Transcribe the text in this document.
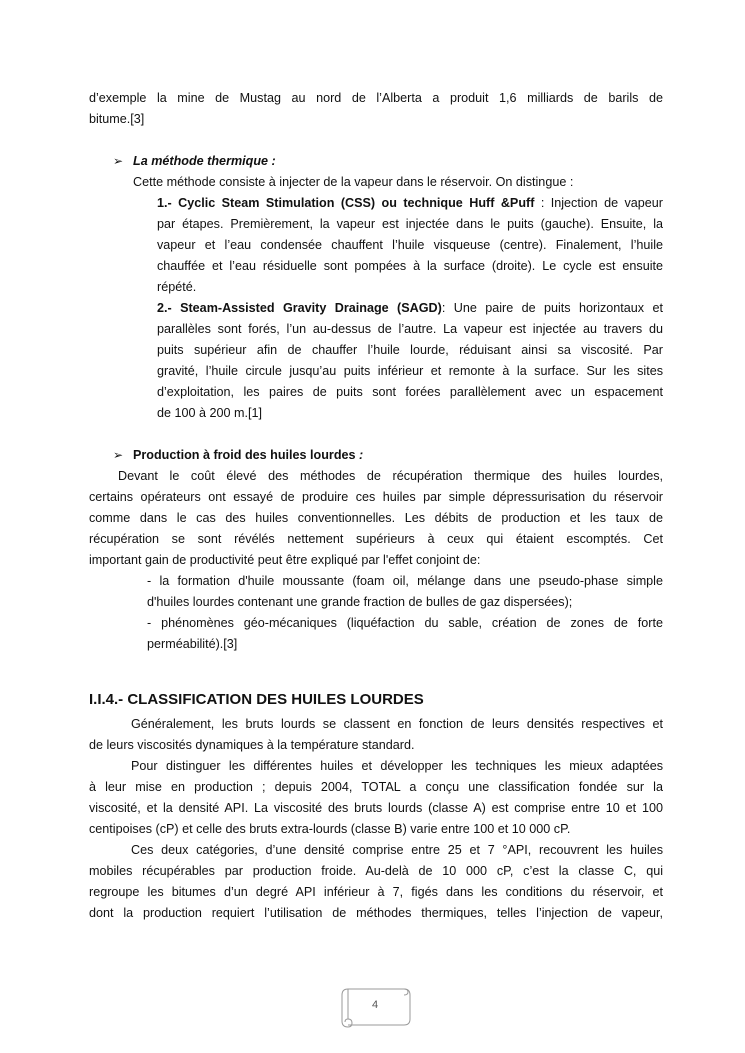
d’exemple la mine de Mustag au nord de l’Alberta a produit 1,6 milliards de barils de
bitume.[3]
➢ La méthode thermique :
Cette méthode consiste à injecter de la vapeur dans le réservoir. On distingue :
1.- Cyclic Steam Stimulation (CSS) ou technique Huff &Puff : Injection de vapeur
par étapes. Premièrement, la vapeur est injectée dans le puits (gauche). Ensuite, la
vapeur et l’eau condensée chauffent l’huile visqueuse (centre). Finalement, l’huile
chauffée et l’eau résiduelle sont pompées à la surface (droite). Le cycle est ensuite
répété.
2.- Steam-Assisted Gravity Drainage (SAGD): Une paire de puits horizontaux et
parallèles sont forés, l’un au-dessus de l’autre. La vapeur est injectée au travers du
puits supérieur afin de chauffer l’huile lourde, réduisant ainsi sa viscosité. Par
gravité, l’huile circule jusqu’au puits inférieur et remonte à la surface. Sur les sites
d’exploitation, les paires de puits sont forées parallèlement avec un espacement
de 100 à 200 m.[1]
➢ Production à froid des huiles lourdes :
Devant le coût élevé des méthodes de récupération thermique des huiles lourdes,
certains opérateurs ont essayé de produire ces huiles par simple dépressurisation du réservoir
comme dans le cas des huiles conventionnelles. Les débits de production et les taux de
récupération se sont révélés nettement supérieurs à ceux qui étaient escomptés. Cet
important gain de productivité peut être expliqué par l'effet conjoint de:
- la formation d'huile moussante (foam oil, mélange dans une pseudo-phase simple
d'huiles lourdes contenant une grande fraction de bulles de gaz dispersées);
- phénomènes géo-mécaniques (liquéfaction du sable, création de zones de forte
perméabilité).[3]
I.I.4.- CLASSIFICATION DES HUILES LOURDES
Généralement, les bruts lourds se classent en fonction de leurs densités respectives et
de leurs viscosités dynamiques à la température standard.
Pour distinguer les différentes huiles et développer les techniques les mieux adaptées
à leur mise en production ; depuis 2004, TOTAL a conçu une classification fondée sur la
viscosité, et la densité API. La viscosité des bruts lourds (classe A) est comprise entre 10 et 100
centipoises (cP) et celle des bruts extra-lourds (classe B) varie entre 100 et 10 000 cP.
Ces deux catégories, d’une densité comprise entre 25 et 7 °API, recouvrent les huiles
mobiles récupérables par production froide. Au-delà de 10 000 cP, c’est la classe C, qui
regroupe les bitumes d’un degré API inférieur à 7, figés dans les conditions du réservoir, et
dont la production requiert l’utilisation de méthodes thermiques, telles l’injection de vapeur,
4
